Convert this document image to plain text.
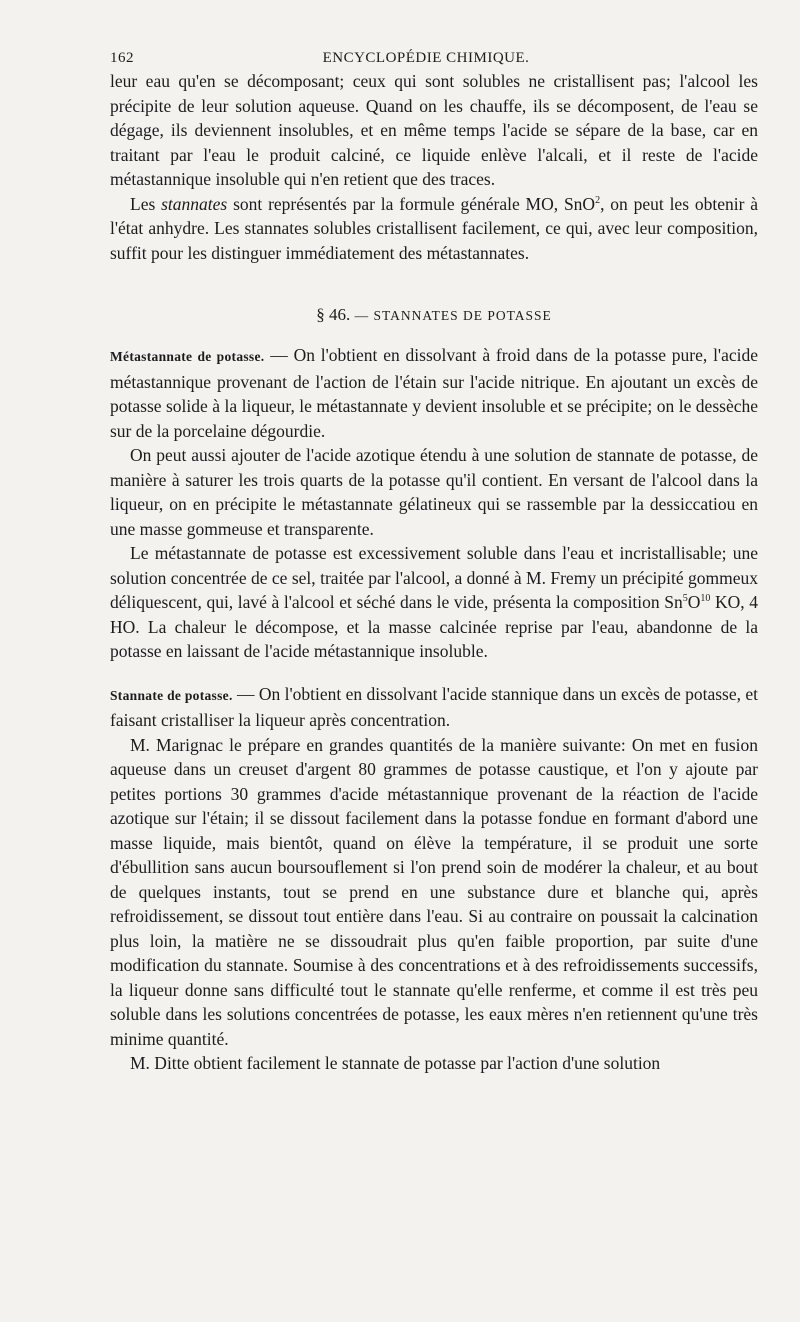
162	ENCYCLOPÉDIE CHIMIQUE.

leur eau qu'en se décomposant; ceux qui sont solubles ne cristallisent pas; l'alcool les précipite de leur solution aqueuse. Quand on les chauffe, ils se décomposent, de l'eau se dégage, ils deviennent insolubles, et en même temps l'acide se sépare de la base, car en traitant par l'eau le produit calciné, ce liquide enlève l'alcali, et il reste de l'acide métastannique insoluble qui n'en retient que des traces.

Les stannates sont représentés par la formule générale MO, SnO$^2$, on peut les obtenir à l'état anhydre. Les stannates solubles cristallisent facilement, ce qui, avec leur composition, suffit pour les distinguer immédiatement des métastannates.

§ 46. — STANNATES DE POTASSE

Métastannate de potasse. — On l'obtient en dissolvant à froid dans de la potasse pure, l'acide métastannique provenant de l'action de l'étain sur l'acide nitrique. En ajoutant un excès de potasse solide à la liqueur, le métastannate y devient insoluble et se précipite; on le dessèche sur de la porcelaine dégourdie.

On peut aussi ajouter de l'acide azotique étendu à une solution de stannate de potasse, de manière à saturer les trois quarts de la potasse qu'il contient. En versant de l'alcool dans la liqueur, on en précipite le métastannate gélatineux qui se rassemble par la dessiccatiou en une masse gommeuse et transparente.

Le métastannate de potasse est excessivement soluble dans l'eau et incristallisable; une solution concentrée de ce sel, traitée par l'alcool, a donné à M. Fremy un précipité gommeux déliquescent, qui, lavé à l'alcool et séché dans le vide, présenta la composition $Sn^5O^{10}$ KO, 4 HO. La chaleur le décompose, et la masse calcinée reprise par l'eau, abandonne de la potasse en laissant de l'acide métastannique insoluble.

Stannate de potasse. — On l'obtient en dissolvant l'acide stannique dans un excès de potasse, et faisant cristalliser la liqueur après concentration.

M. Marignac le prépare en grandes quantités de la manière suivante: On met en fusion aqueuse dans un creuset d'argent 80 grammes de potasse caustique, et l'on y ajoute par petites portions 30 grammes d'acide métastannique provenant de la réaction de l'acide azotique sur l'étain; il se dissout facilement dans la potasse fondue en formant d'abord une masse liquide, mais bientôt, quand on élève la température, il se produit une sorte d'ébullition sans aucun boursouflement si l'on prend soin de modérer la chaleur, et au bout de quelques instants, tout se prend en une substance dure et blanche qui, après refroidissement, se dissout tout entière dans l'eau. Si au contraire on poussait la calcination plus loin, la matière ne se dissoudrait plus qu'en faible proportion, par suite d'une modification du stannate. Soumise à des concentrations et à des refroidissements successifs, la liqueur donne sans difficulté tout le stannate qu'elle renferme, et comme il est très peu soluble dans les solutions concentrées de potasse, les eaux mères n'en retiennent qu'une très minime quantité.

M. Ditte obtient facilement le stannate de potasse par l'action d'une solution
